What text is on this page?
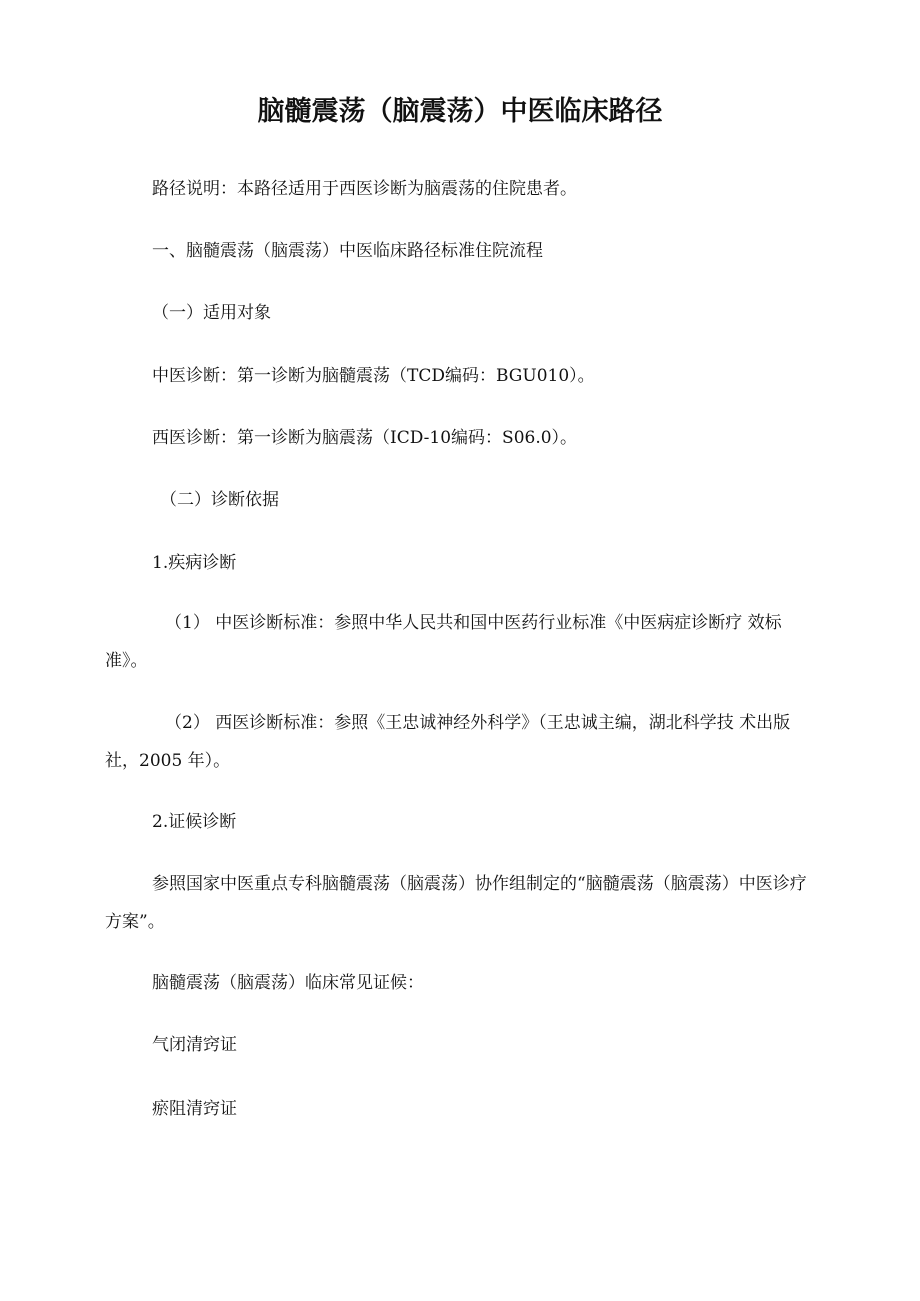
脑髓震荡（脑震荡）中医临床路径
路径说明：本路径适用于西医诊断为脑震荡的住院患者。
一、脑髓震荡（脑震荡）中医临床路径标准住院流程
（一）适用对象
中医诊断：第一诊断为脑髓震荡（TCD编码：BGU010）。
西医诊断：第一诊断为脑震荡（ICD-10编码：S06.0）。
（二）诊断依据
1.疾病诊断
（1） 中医诊断标准：参照中华人民共和国中医药行业标准《中医病症诊断疗 效标准》。
（2） 西医诊断标准：参照《王忠诚神经外科学》（王忠诚主编，湖北科学技 术出版社，2005 年）。
2.证候诊断
参照国家中医重点专科脑髓震荡（脑震荡）协作组制定的“脑髓震荡（脑震荡）中医诊疗方案”。
脑髓震荡（脑震荡）临床常见证候：
气闭清窍证
瘀阻清窍证
